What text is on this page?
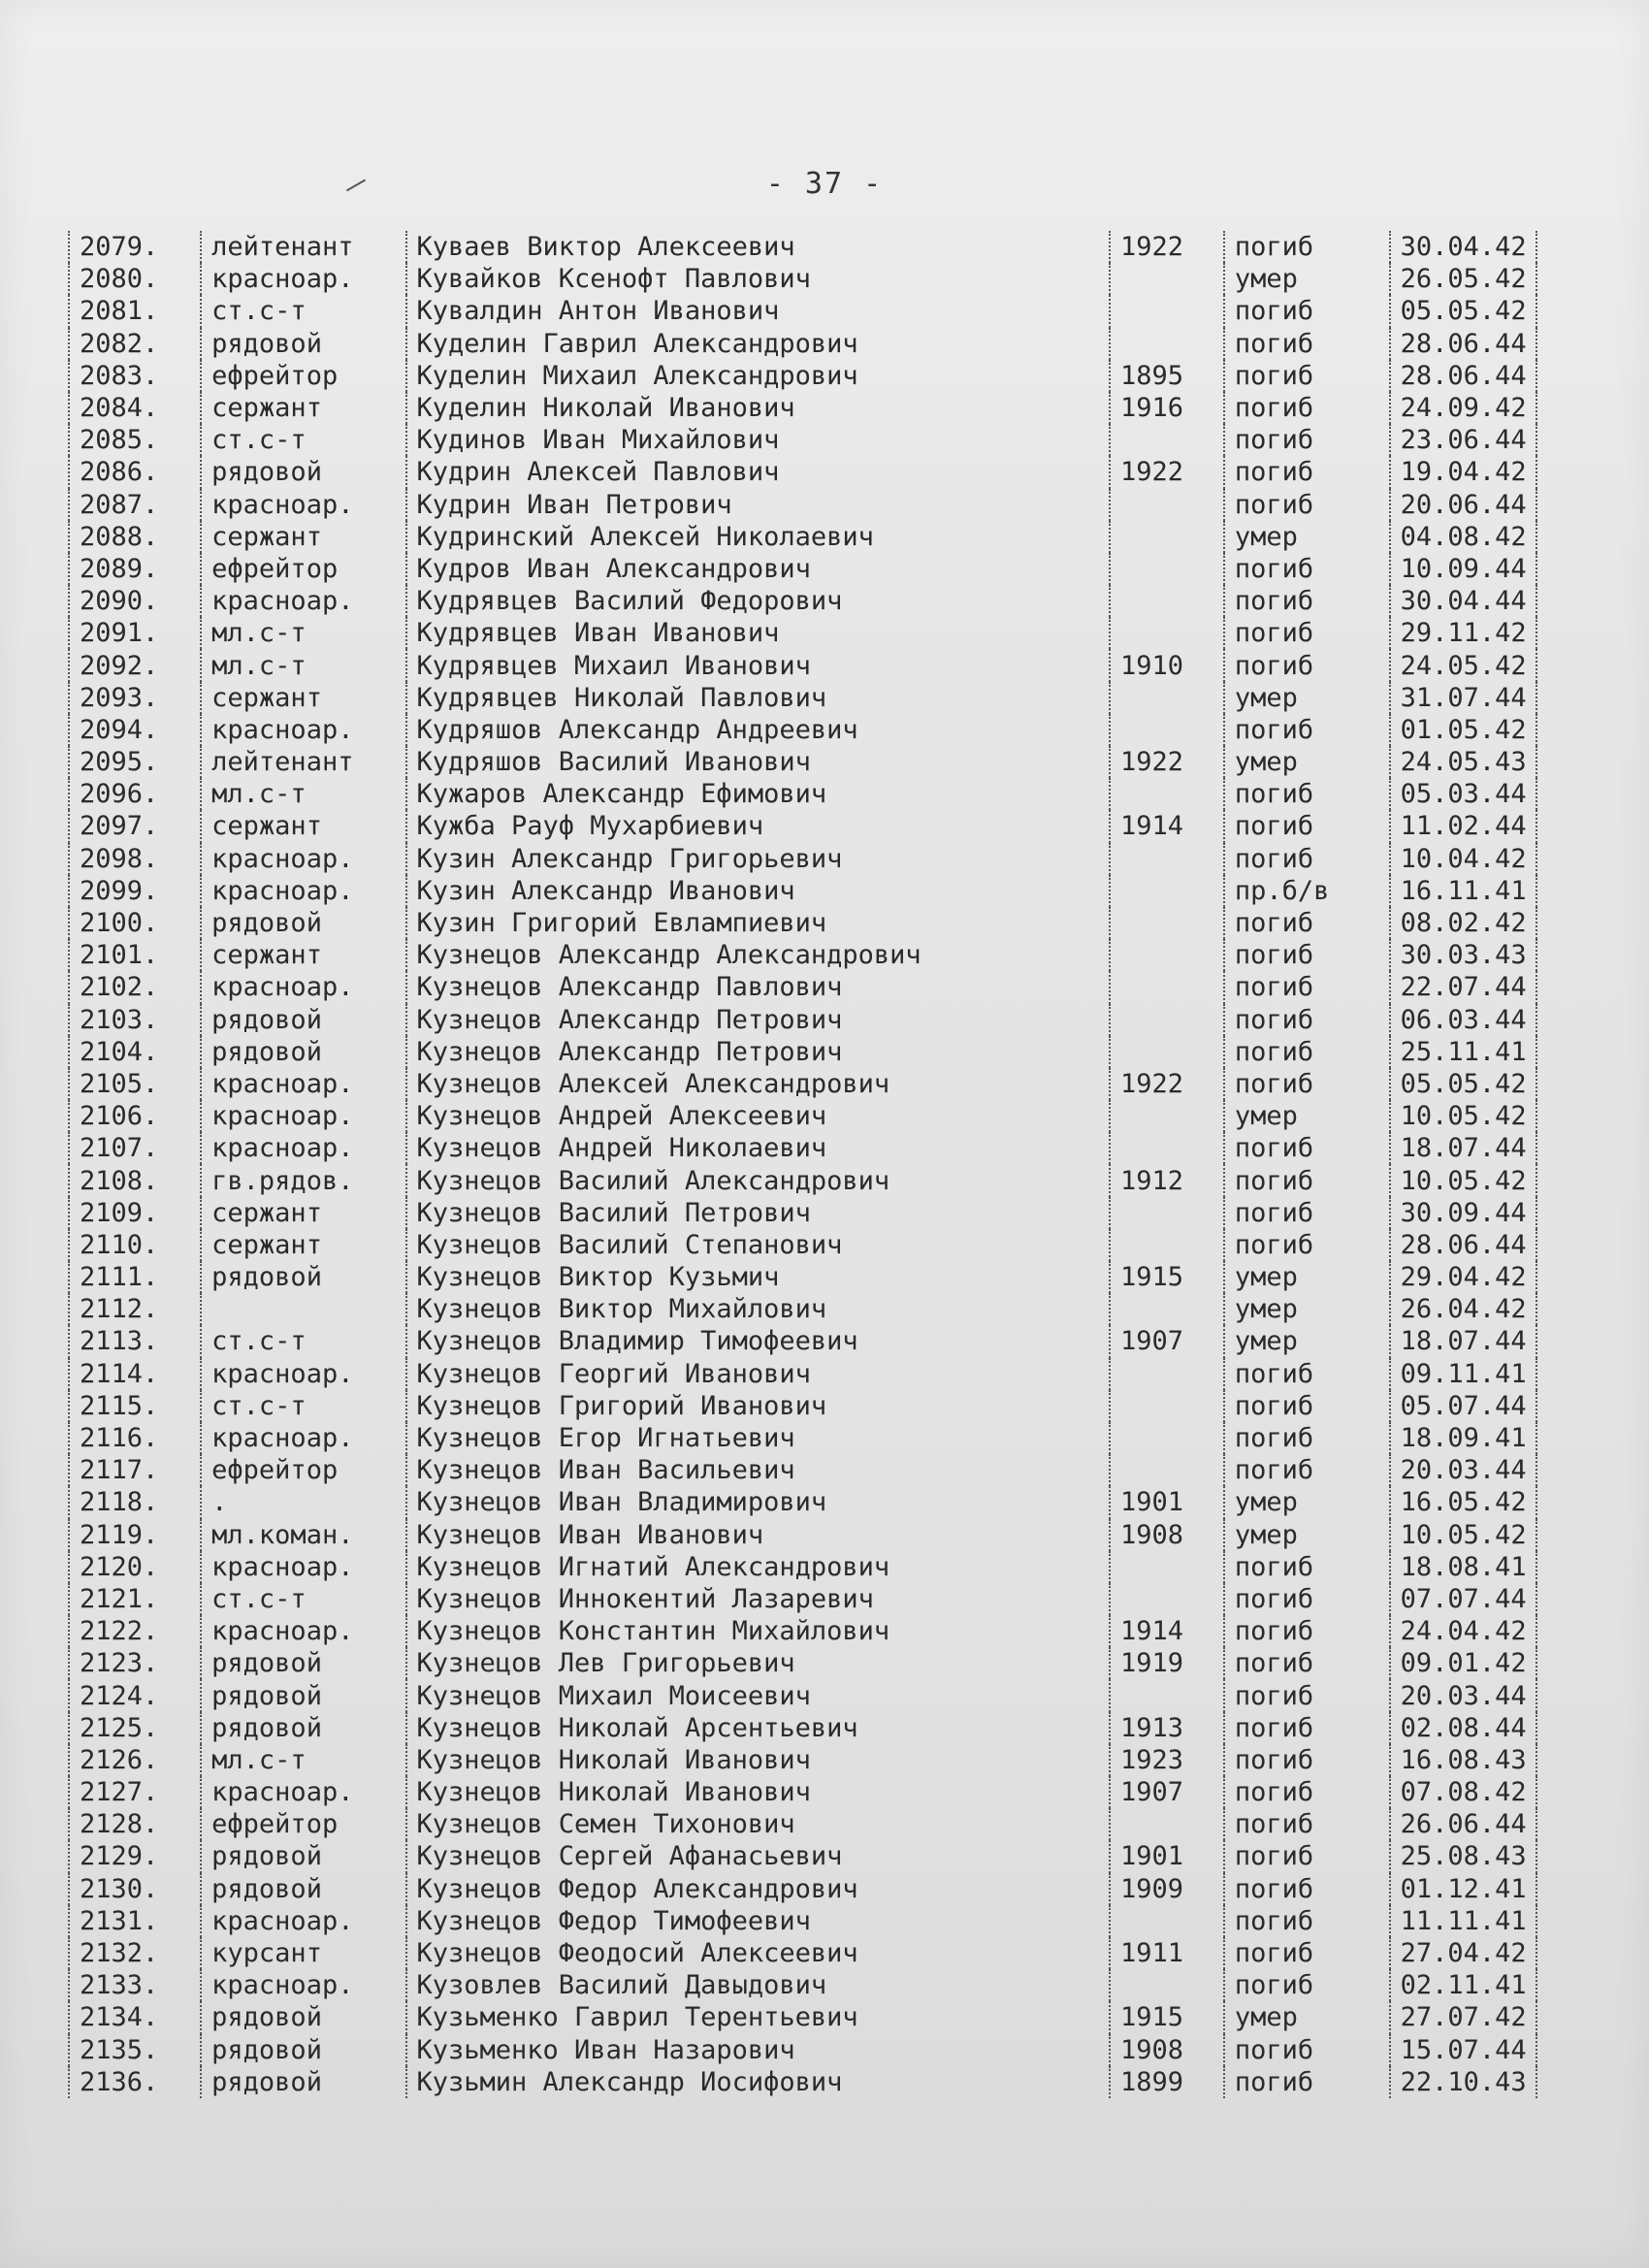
- 37 -
2079.	лейтенант	Куваев Виктор Алексеевич	1922	погиб	30.04.42
2080.	красноар.	Кувайков Ксенофт Павлович		умер	26.05.42
2081.	ст.с-т	Кувалдин Антон Иванович		погиб	05.05.42
2082.	рядовой	Куделин Гаврил Александрович		погиб	28.06.44
2083.	ефрейтор	Куделин Михаил Александрович	1895	погиб	28.06.44
2084.	сержант	Куделин Николай Иванович	1916	погиб	24.09.42
2085.	ст.с-т	Кудинов Иван Михайлович		погиб	23.06.44
2086.	рядовой	Кудрин Алексей Павлович	1922	погиб	19.04.42
2087.	красноар.	Кудрин Иван Петрович		погиб	20.06.44
2088.	сержант	Кудринский Алексей Николаевич		умер	04.08.42
2089.	ефрейтор	Кудров Иван Александрович		погиб	10.09.44
2090.	красноар.	Кудрявцев Василий Федорович		погиб	30.04.44
2091.	мл.с-т	Кудрявцев Иван Иванович		погиб	29.11.42
2092.	мл.с-т	Кудрявцев Михаил Иванович	1910	погиб	24.05.42
2093.	сержант	Кудрявцев Николай Павлович		умер	31.07.44
2094.	красноар.	Кудряшов Александр Андреевич		погиб	01.05.42
2095.	лейтенант	Кудряшов Василий Иванович	1922	умер	24.05.43
2096.	мл.с-т	Кужаров Александр Ефимович		погиб	05.03.44
2097.	сержант	Кужба Рауф Мухарбиевич	1914	погиб	11.02.44
2098.	красноар.	Кузин Александр Григорьевич		погиб	10.04.42
2099.	красноар.	Кузин Александр Иванович		пр.б/в	16.11.41
2100.	рядовой	Кузин Григорий Евлампиевич		погиб	08.02.42
2101.	сержант	Кузнецов Александр Александрович		погиб	30.03.43
2102.	красноар.	Кузнецов Александр Павлович		погиб	22.07.44
2103.	рядовой	Кузнецов Александр Петрович		погиб	06.03.44
2104.	рядовой	Кузнецов Александр Петрович		погиб	25.11.41
2105.	красноар.	Кузнецов Алексей Александрович	1922	погиб	05.05.42
2106.	красноар.	Кузнецов Андрей Алексеевич		умер	10.05.42
2107.	красноар.	Кузнецов Андрей Николаевич		погиб	18.07.44
2108.	гв.рядов.	Кузнецов Василий Александрович	1912	погиб	10.05.42
2109.	сержант	Кузнецов Василий Петрович		погиб	30.09.44
2110.	сержант	Кузнецов Василий Степанович		погиб	28.06.44
2111.	рядовой	Кузнецов Виктор Кузьмич	1915	умер	29.04.42
2112.		Кузнецов Виктор Михайлович		умер	26.04.42
2113.	ст.с-т	Кузнецов Владимир Тимофеевич	1907	умер	18.07.44
2114.	красноар.	Кузнецов Георгий Иванович		погиб	09.11.41
2115.	ст.с-т	Кузнецов Григорий Иванович		погиб	05.07.44
2116.	красноар.	Кузнецов Егор Игнатьевич		погиб	18.09.41
2117.	ефрейтор	Кузнецов Иван Васильевич		погиб	20.03.44
2118.	.	Кузнецов Иван Владимирович	1901	умер	16.05.42
2119.	мл.коман.	Кузнецов Иван Иванович	1908	умер	10.05.42
2120.	красноар.	Кузнецов Игнатий Александрович		погиб	18.08.41
2121.	ст.с-т	Кузнецов Иннокентий Лазаревич		погиб	07.07.44
2122.	красноар.	Кузнецов Константин Михайлович	1914	погиб	24.04.42
2123.	рядовой	Кузнецов Лев Григорьевич	1919	погиб	09.01.42
2124.	рядовой	Кузнецов Михаил Моисеевич		погиб	20.03.44
2125.	рядовой	Кузнецов Николай Арсентьевич	1913	погиб	02.08.44
2126.	мл.с-т	Кузнецов Николай Иванович	1923	погиб	16.08.43
2127.	красноар.	Кузнецов Николай Иванович	1907	погиб	07.08.42
2128.	ефрейтор	Кузнецов Семен Тихонович		погиб	26.06.44
2129.	рядовой	Кузнецов Сергей Афанасьевич	1901	погиб	25.08.43
2130.	рядовой	Кузнецов Федор Александрович	1909	погиб	01.12.41
2131.	красноар.	Кузнецов Федор Тимофеевич		погиб	11.11.41
2132.	курсант	Кузнецов Феодосий Алексеевич	1911	погиб	27.04.42
2133.	красноар.	Кузовлев Василий Давыдович		погиб	02.11.41
2134.	рядовой	Кузьменко Гаврил Терентьевич	1915	умер	27.07.42
2135.	рядовой	Кузьменко Иван Назарович	1908	погиб	15.07.44
2136.	рядовой	Кузьмин Александр Иосифович	1899	погиб	22.10.43
